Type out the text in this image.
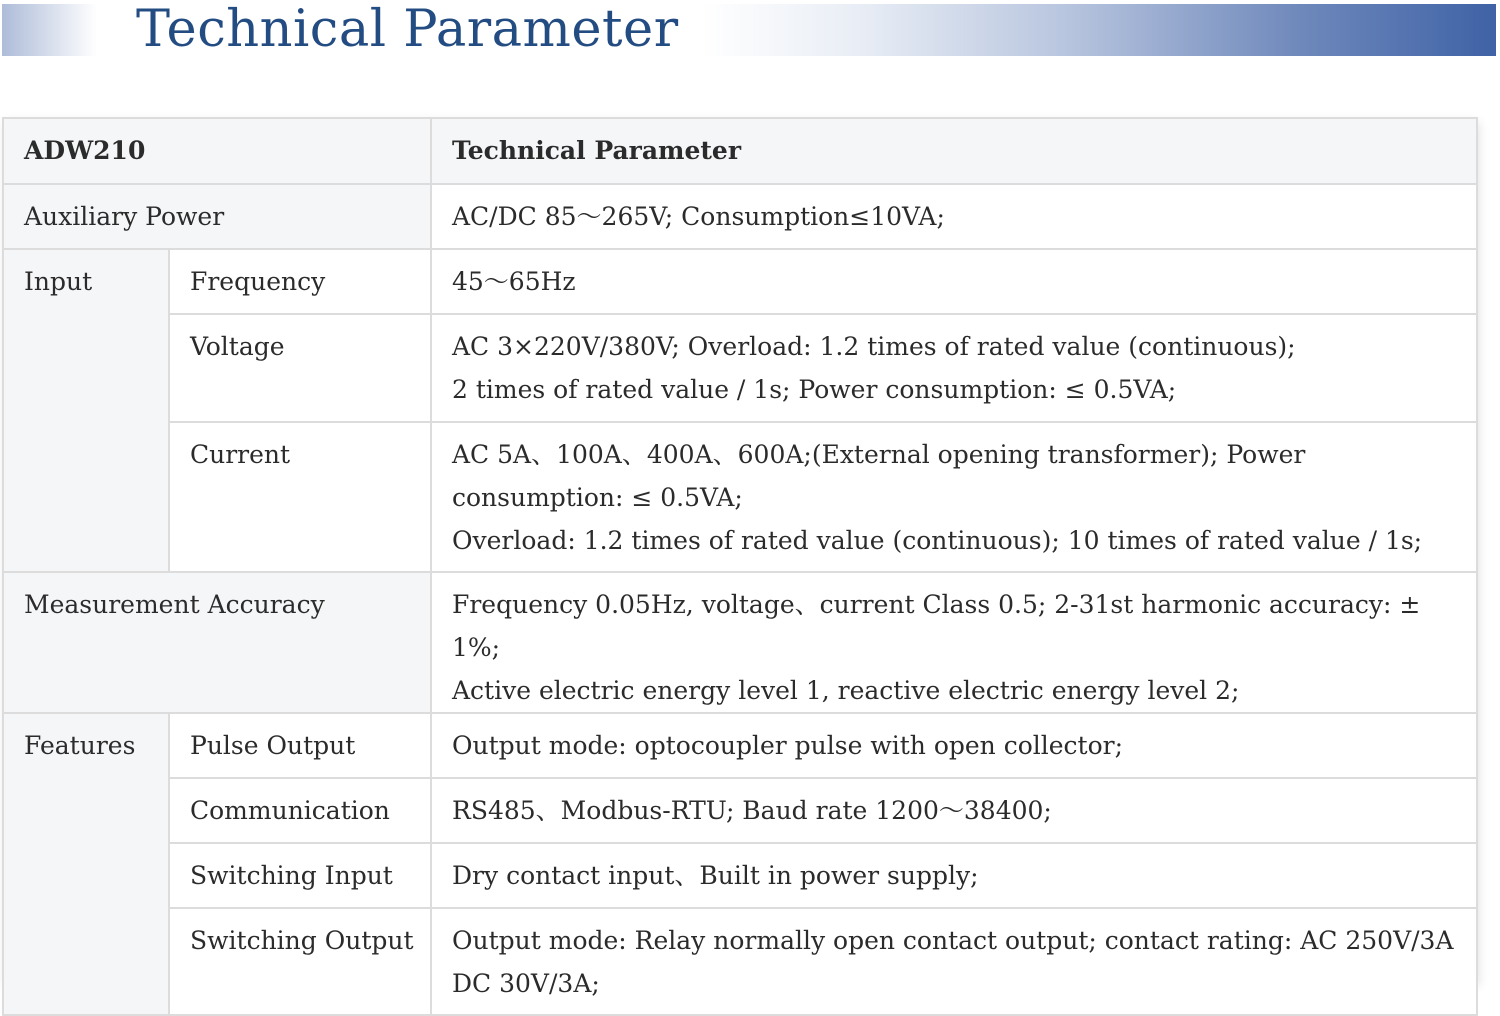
Technical Parameter
ADW210		Technical Parameter
Auxiliary Power		AC/DC 85～265V; Consumption≤10VA;
Input	Frequency	45～65Hz
	Voltage	AC 3×220V/380V; Overload: 1.2 times of rated value (continuous);
2 times of rated value / 1s; Power consumption: ≤ 0.5VA;

	Current	AC 5A、100A、400A、600A;(External opening transformer); Power
consumption: ≤ 0.5VA;
Overload: 1.2 times of rated value (continuous); 10 times of rated value / 1s;

Measurement Accuracy		Frequency 0.05Hz, voltage、current Class 0.5; 2-31st harmonic accuracy: ± 1%;
Active electric energy level 1, reactive electric energy level 2;

Features	Pulse Output	Output mode: optocoupler pulse with open collector;
	Communication	RS485、Modbus-RTU; Baud rate 1200～38400;
	Switching Input	Dry contact input、Built in power supply;
	Switching Output	Output mode: Relay normally open contact output; contact rating: AC 250V/3A
DC 30V/3A;
